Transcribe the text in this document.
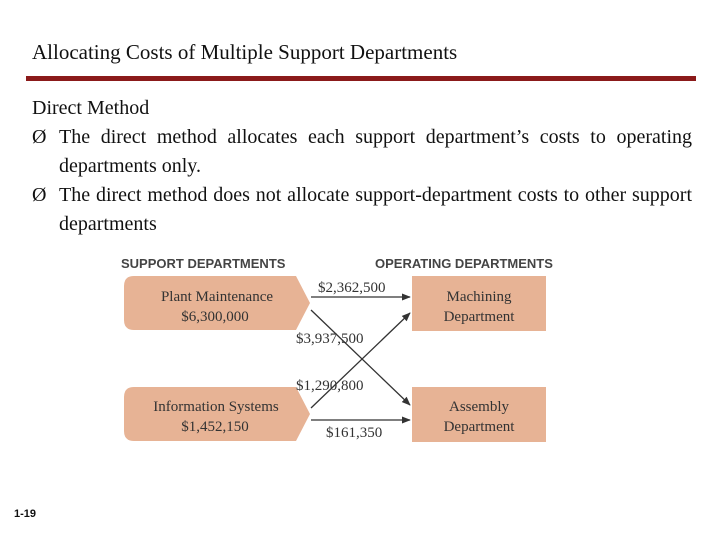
Allocating Costs of Multiple Support Departments
Direct Method
Ø The direct method allocates each support department’s costs to operating departments only.
Ø The direct method does not allocate support-department costs to other support departments
SUPPORT DEPARTMENTS	OPERATING DEPARTMENTS
Plant Maintenance
$6,300,000
Information Systems
$1,452,150
Machining
Department
Assembly
Department
$2,362,500
$3,937,500
$1,290,800
$161,350
1-19
